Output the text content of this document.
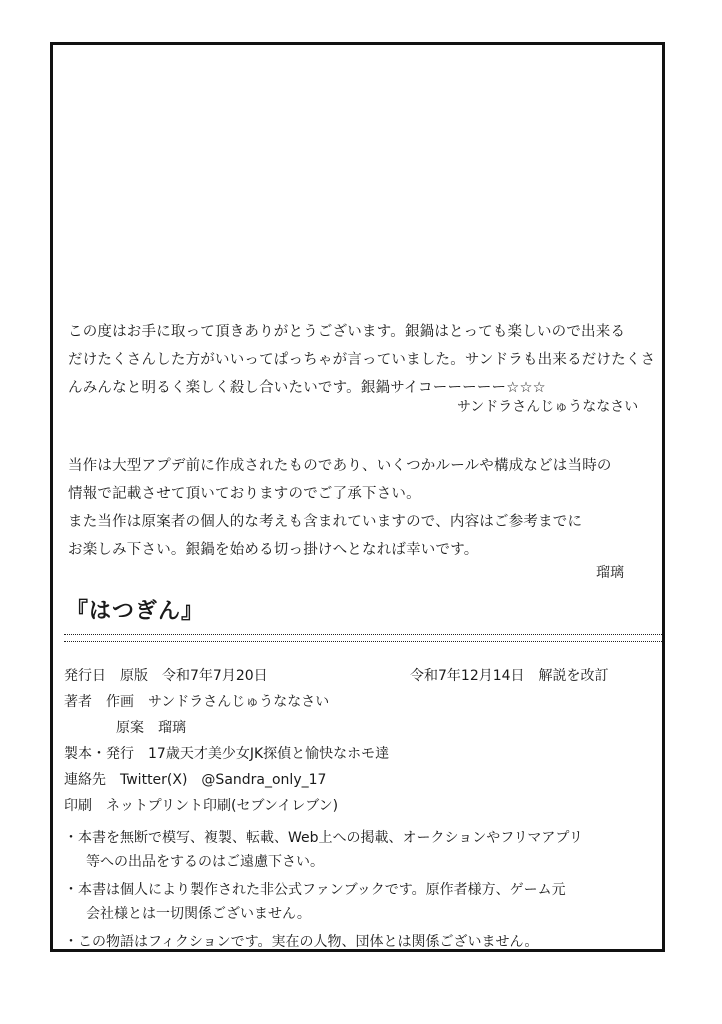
この度はお手に取って頂きありがとうございます。銀鍋はとっても楽しいので出来る
だけたくさんした方がいいってぱっちゃが言っていました。サンドラも出来るだけたくさ
んみんなと明るく楽しく殺し合いたいです。銀鍋サイコーーーーー☆☆☆
サンドラさんじゅうななさい
当作は大型アプデ前に作成されたものであり、いくつかルールや構成などは当時の
情報で記載させて頂いておりますのでご了承下さい。
また当作は原案者の個人的な考えも含まれていますので、内容はご参考までに
お楽しみ下さい。銀鍋を始める切っ掛けへとなれば幸いです。
瑠璃
『はつぎん』
発行日 原版　令和7年7月20日	令和7年12月14日　解説を改訂
著者 作画　サンドラさんじゅうななさい
原案　瑠璃
製本・発行 17歳天才美少女JK探偵と愉快なホモ達
連絡先 Twitter(X)　@Sandra_only_17
印刷 ネットプリント印刷(セブンイレブン)
・本書を無断で模写、複製、転載、Web上への掲載、オークションやフリマアプリ
等への出品をするのはご遠慮下さい。
・本書は個人により製作された非公式ファンブックです。原作者様方、ゲーム元
会社様とは一切関係ございません。
・この物語はフィクションです。実在の人物、団体とは関係ございません。
